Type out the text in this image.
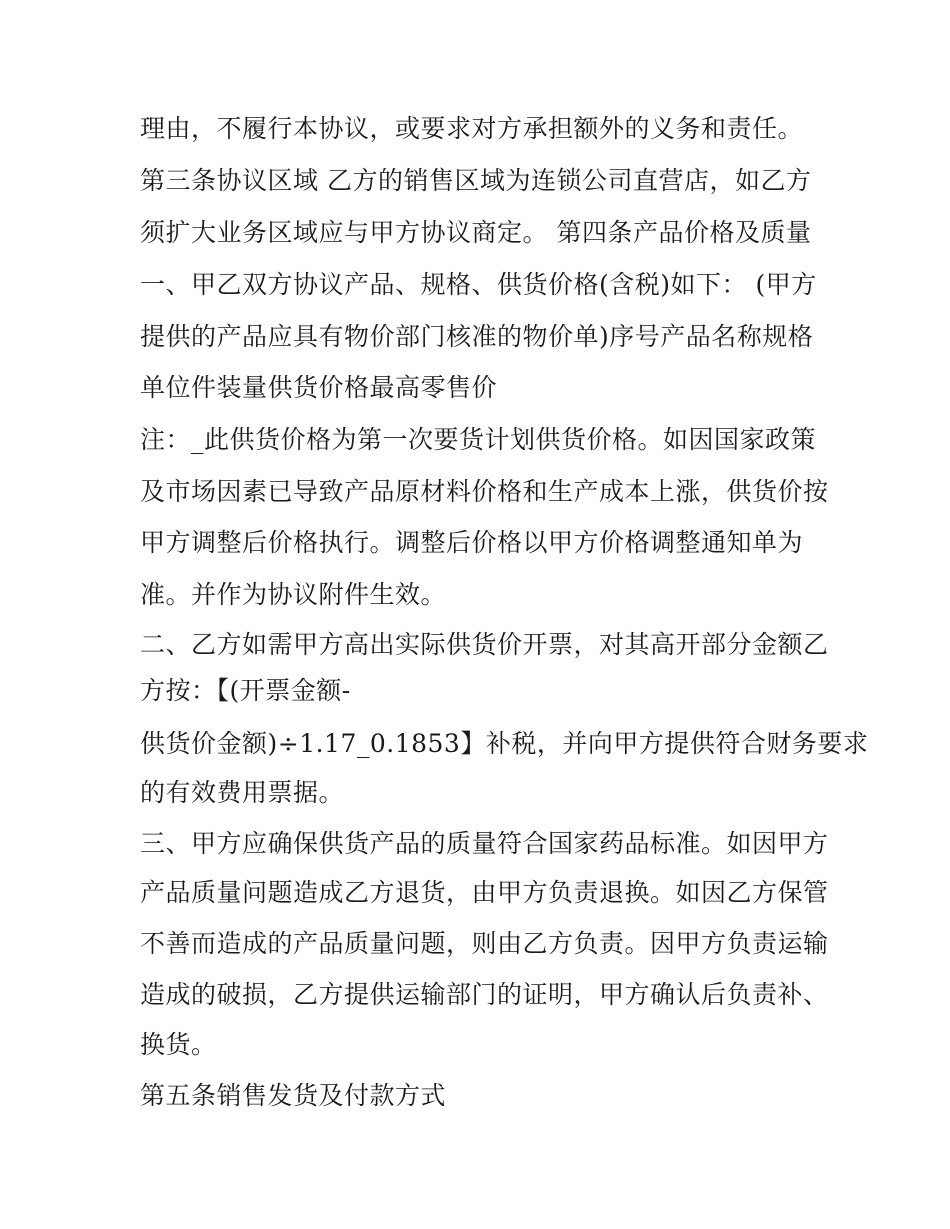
理由，不履行本协议，或要求对方承担额外的义务和责任。
第三条协议区域 乙方的销售区域为连锁公司直营店，如乙方
须扩大业务区域应与甲方协议商定。 第四条产品价格及质量
一、甲乙双方协议产品、规格、供货价格(含税)如下： (甲方
提供的产品应具有物价部门核准的物价单)序号产品名称规格
单位件装量供货价格最高零售价
注：_此供货价格为第一次要货计划供货价格。如因国家政策
及市场因素已导致产品原材料价格和生产成本上涨，供货价按
甲方调整后价格执行。调整后价格以甲方价格调整通知单为
准。并作为协议附件生效。
二、乙方如需甲方高出实际供货价开票，对其高开部分金额乙
方按：【(开票金额-
供货价金额)÷1.17_0.1853】补税，并向甲方提供符合财务要求
的有效费用票据。
三、甲方应确保供货产品的质量符合国家药品标准。如因甲方
产品质量问题造成乙方退货，由甲方负责退换。如因乙方保管
不善而造成的产品质量问题，则由乙方负责。因甲方负责运输
造成的破损，乙方提供运输部门的证明，甲方确认后负责补、
换货。
第五条销售发货及付款方式
